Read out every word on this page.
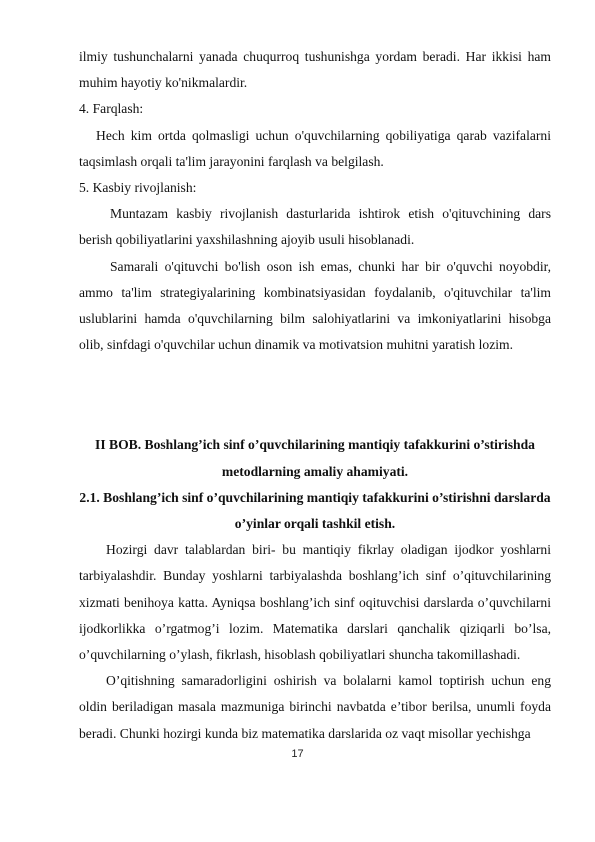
ilmiy tushunchalarni yanada chuqurroq tushunishga yordam beradi. Har ikkisi ham muhim hayotiy ko'nikmalardir.

4. Farqlash:

Hech kim ortda qolmasligi uchun o'quvchilarning qobiliyatiga qarab vazifalarni taqsimlash orqali ta'lim jarayonini farqlash va belgilash.

5. Kasbiy rivojlanish:

Muntazam kasbiy rivojlanish dasturlarida ishtirok etish o'qituvchining dars berish qobiliyatlarini yaxshilashning ajoyib usuli hisoblanadi.

Samarali o'qituvchi bo'lish oson ish emas, chunki har bir o'quvchi noyobdir, ammo ta'lim strategiyalarining kombinatsiyasidan foydalanib, o'qituvchilar ta'lim uslublarini hamda o'quvchilarning bilm salohiyatlarini va imkoniyatlarini hisobga olib, sinfdagi o'quvchilar uchun dinamik va motivatsion muhitni yaratish lozim.

II BOB. Boshlang’ich sinf o’quvchilarining mantiqiy tafakkurini o’stirishda metodlarning amaliy ahamiyati.

2.1. Boshlang’ich sinf o’quvchilarining mantiqiy tafakkurini o’stirishni darslarda o’yinlar orqali tashkil etish.

Hozirgi davr talablardan biri- bu mantiqiy fikrlay oladigan ijodkor yoshlarni tarbiyalashdir. Bunday yoshlarni tarbiyalashda boshlang’ich sinf o’qituvchilarining xizmati benihoya katta. Ayniqsa boshlang’ich sinf oqituvchisi darslarda o’quvchilarni ijodkorlikka o’rgatmog’i lozim. Matematika darslari qanchalik qiziqarli bo’lsa, o’quvchilarning o’ylash, fikrlash, hisoblash qobiliyatlari shuncha takomillashadi.

O’qitishning samaradorligini oshirish va bolalarni kamol toptirish uchun eng oldin beriladigan masala mazmuniga birinchi navbatda e’tibor berilsa, unumli foyda beradi. Chunki hozirgi kunda biz matematika darslarida oz vaqt misollar yechishga

17
